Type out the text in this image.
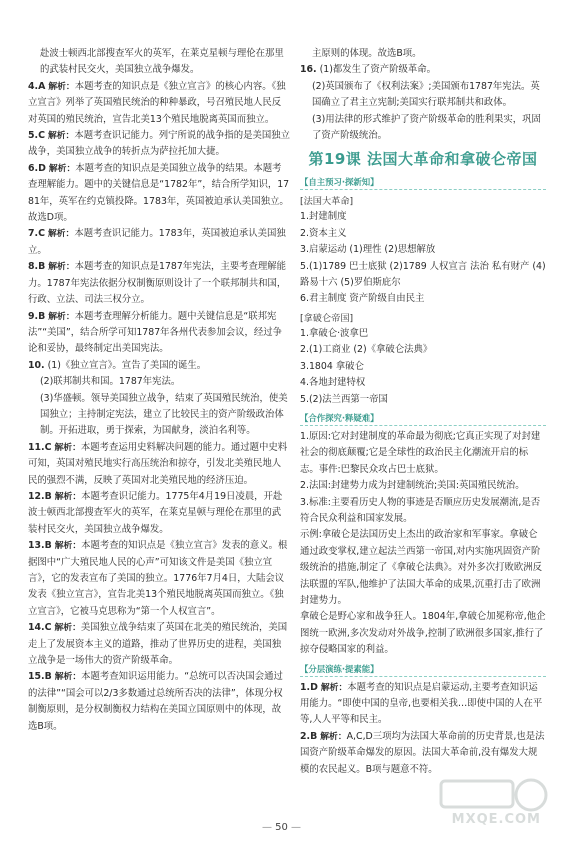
赴波士顿西北部搜查军火的英军，在莱克星顿与理伦在那里的武装村民交火，美国独立战争爆发。

4.A 解析：本题考查的知识点是《独立宣言》的核心内容。《独立宣言》列举了英国殖民统治的种种暴政，号召殖民地人民反对英国的殖民统治，宣告北美13个殖民地脱离英国而独立。

5.C 解析：本题考查识记能力。列宁所说的战争指的是美国独立战争，美国独立战争的转折点为萨拉托加大捷。

6.D 解析：本题考查的知识点是美国独立战争的结果。本题考查理解能力。题中的关键信息是“1782年”，结合所学知识，1781年，英军在约克镇投降。1783年，英国被迫承认美国独立。故选D项。

7.C 解析：本题考查识记能力。1783年，英国被迫承认美国独立。

8.B 解析：本题考查的知识点是1787年宪法，主要考查理解能力。1787年宪法依据分权制衡原则设计了一个联邦制共和国，行政、立法、司法三权分立。

9.B 解析：本题考查理解分析能力。题中关键信息是“联邦宪法”“美国”，结合所学可知1787年各州代表参加会议，经过争论和妥协，最终制定出美国宪法。

10. (1)《独立宣言》。宣告了美国的诞生。

(2)联邦制共和国。1787年宪法。

(3)华盛顿。领导美国独立战争，结束了英国殖民统治，使美国独立；主持制定宪法，建立了比较民主的资产阶级政治体制。开拓进取，勇于探索，为国献身，淡泊名利等。

11.C 解析：本题考查运用史料解决问题的能力。通过题中史料可知，英国对殖民地实行高压统治和掠夺，引发北美殖民地人民的强烈不满，反映了英国对北美殖民地的经济压迫。

12.B 解析：本题考查识记能力。1775年4月19日凌晨，开赴波士顿西北部搜查军火的英军，在莱克星顿与理伦在那里的武装村民交火，美国独立战争爆发。

13.B 解析：本题考查的知识点是《独立宣言》发表的意义。根据图中“广大殖民地人民的心声”可知该文件是美国《独立宣言》，它的发表宣布了美国的独立。1776年7月4日，大陆会议发表《独立宣言》，宣告北美13个殖民地脱离英国而独立。《独立宣言》，它被马克思称为“第一个人权宣言”。

14.C 解析：美国独立战争结束了英国在北美的殖民统治，美国走上了发展资本主义的道路，推动了世界历史的进程，美国独立战争是一场伟大的资产阶级革命。

15.B 解析：本题考查知识运用能力。“总统可以否决国会通过的法律”“国会可以2/3多数通过总统所否决的法律”，体现分权制衡原则，是分权制衡权力结构在美国立国原则中的体现，故选B项。

主原则的体现。故选B项。

16. (1)都发生了资产阶级革命。

(2)英国颁布了《权利法案》;美国颁布1787年宪法。英国确立了君主立宪制;美国实行联邦制共和政体。

(3)用法律的形式维护了资产阶级革命的胜利果实，巩固了资产阶级统治。

第19课 法国大革命和拿破仑帝国
【自主预习·探新知】
[法国大革命]

1.封建制度

2.资本主义

3.启蒙运动 (1)理性 (2)思想解放

5.(1)1789 巴士底狱 (2)1789 人权宣言 法治 私有财产 (4)路易十六 (5)罗伯斯庇尔

6.君主制度 资产阶级自由民主

[拿破仑帝国]

1.拿破仑·波拿巴

2.(1)工商业 (2)《拿破仑法典》

3.1804 拿破仑

4.各地封建特权

5.(2)法兰西第一帝国

【合作探究·释疑难】

1.原因:它对封建制度的革命最为彻底;它真正实现了对封建社会的彻底颠覆;它是全球性的政治民主化潮流开启的标志。事件:巴黎民众攻占巴士底狱。

2.法国:封建势力成为封建制统治;美国:英国殖民统治。

3.标准:主要看历史人物的事迹是否顺应历史发展潮流,是否符合民众利益和国家发展。

示例:拿破仑是法国历史上杰出的政治家和军事家。拿破仑通过政变掌权,建立起法兰西第一帝国,对内实施巩固资产阶级统治的措施,制定了《拿破仑法典》。对外多次打败欧洲反法联盟的军队,他维护了法国大革命的成果,沉重打击了欧洲封建势力。

拿破仑是野心家和战争狂人。1804年,拿破仑加冕称帝,他企图统一欧洲,多次发动对外战争,控制了欧洲很多国家,推行了掠夺侵略国家的利益。

【分层演练·提素能】

1.D 解析：本题考查的知识点是启蒙运动,主要考查知识运用能力。“即使中国的皇帝,也要相关我…即使中国的人在平等,人人平等和民主。

2.B 解析：A,C,D三项均为法国大革命前的历史背景,也是法国资产阶级革命爆发的原因。法国大革命前,没有爆发大规模的农民起义。B项与题意不符。

— 50 —
MXQE.COM
